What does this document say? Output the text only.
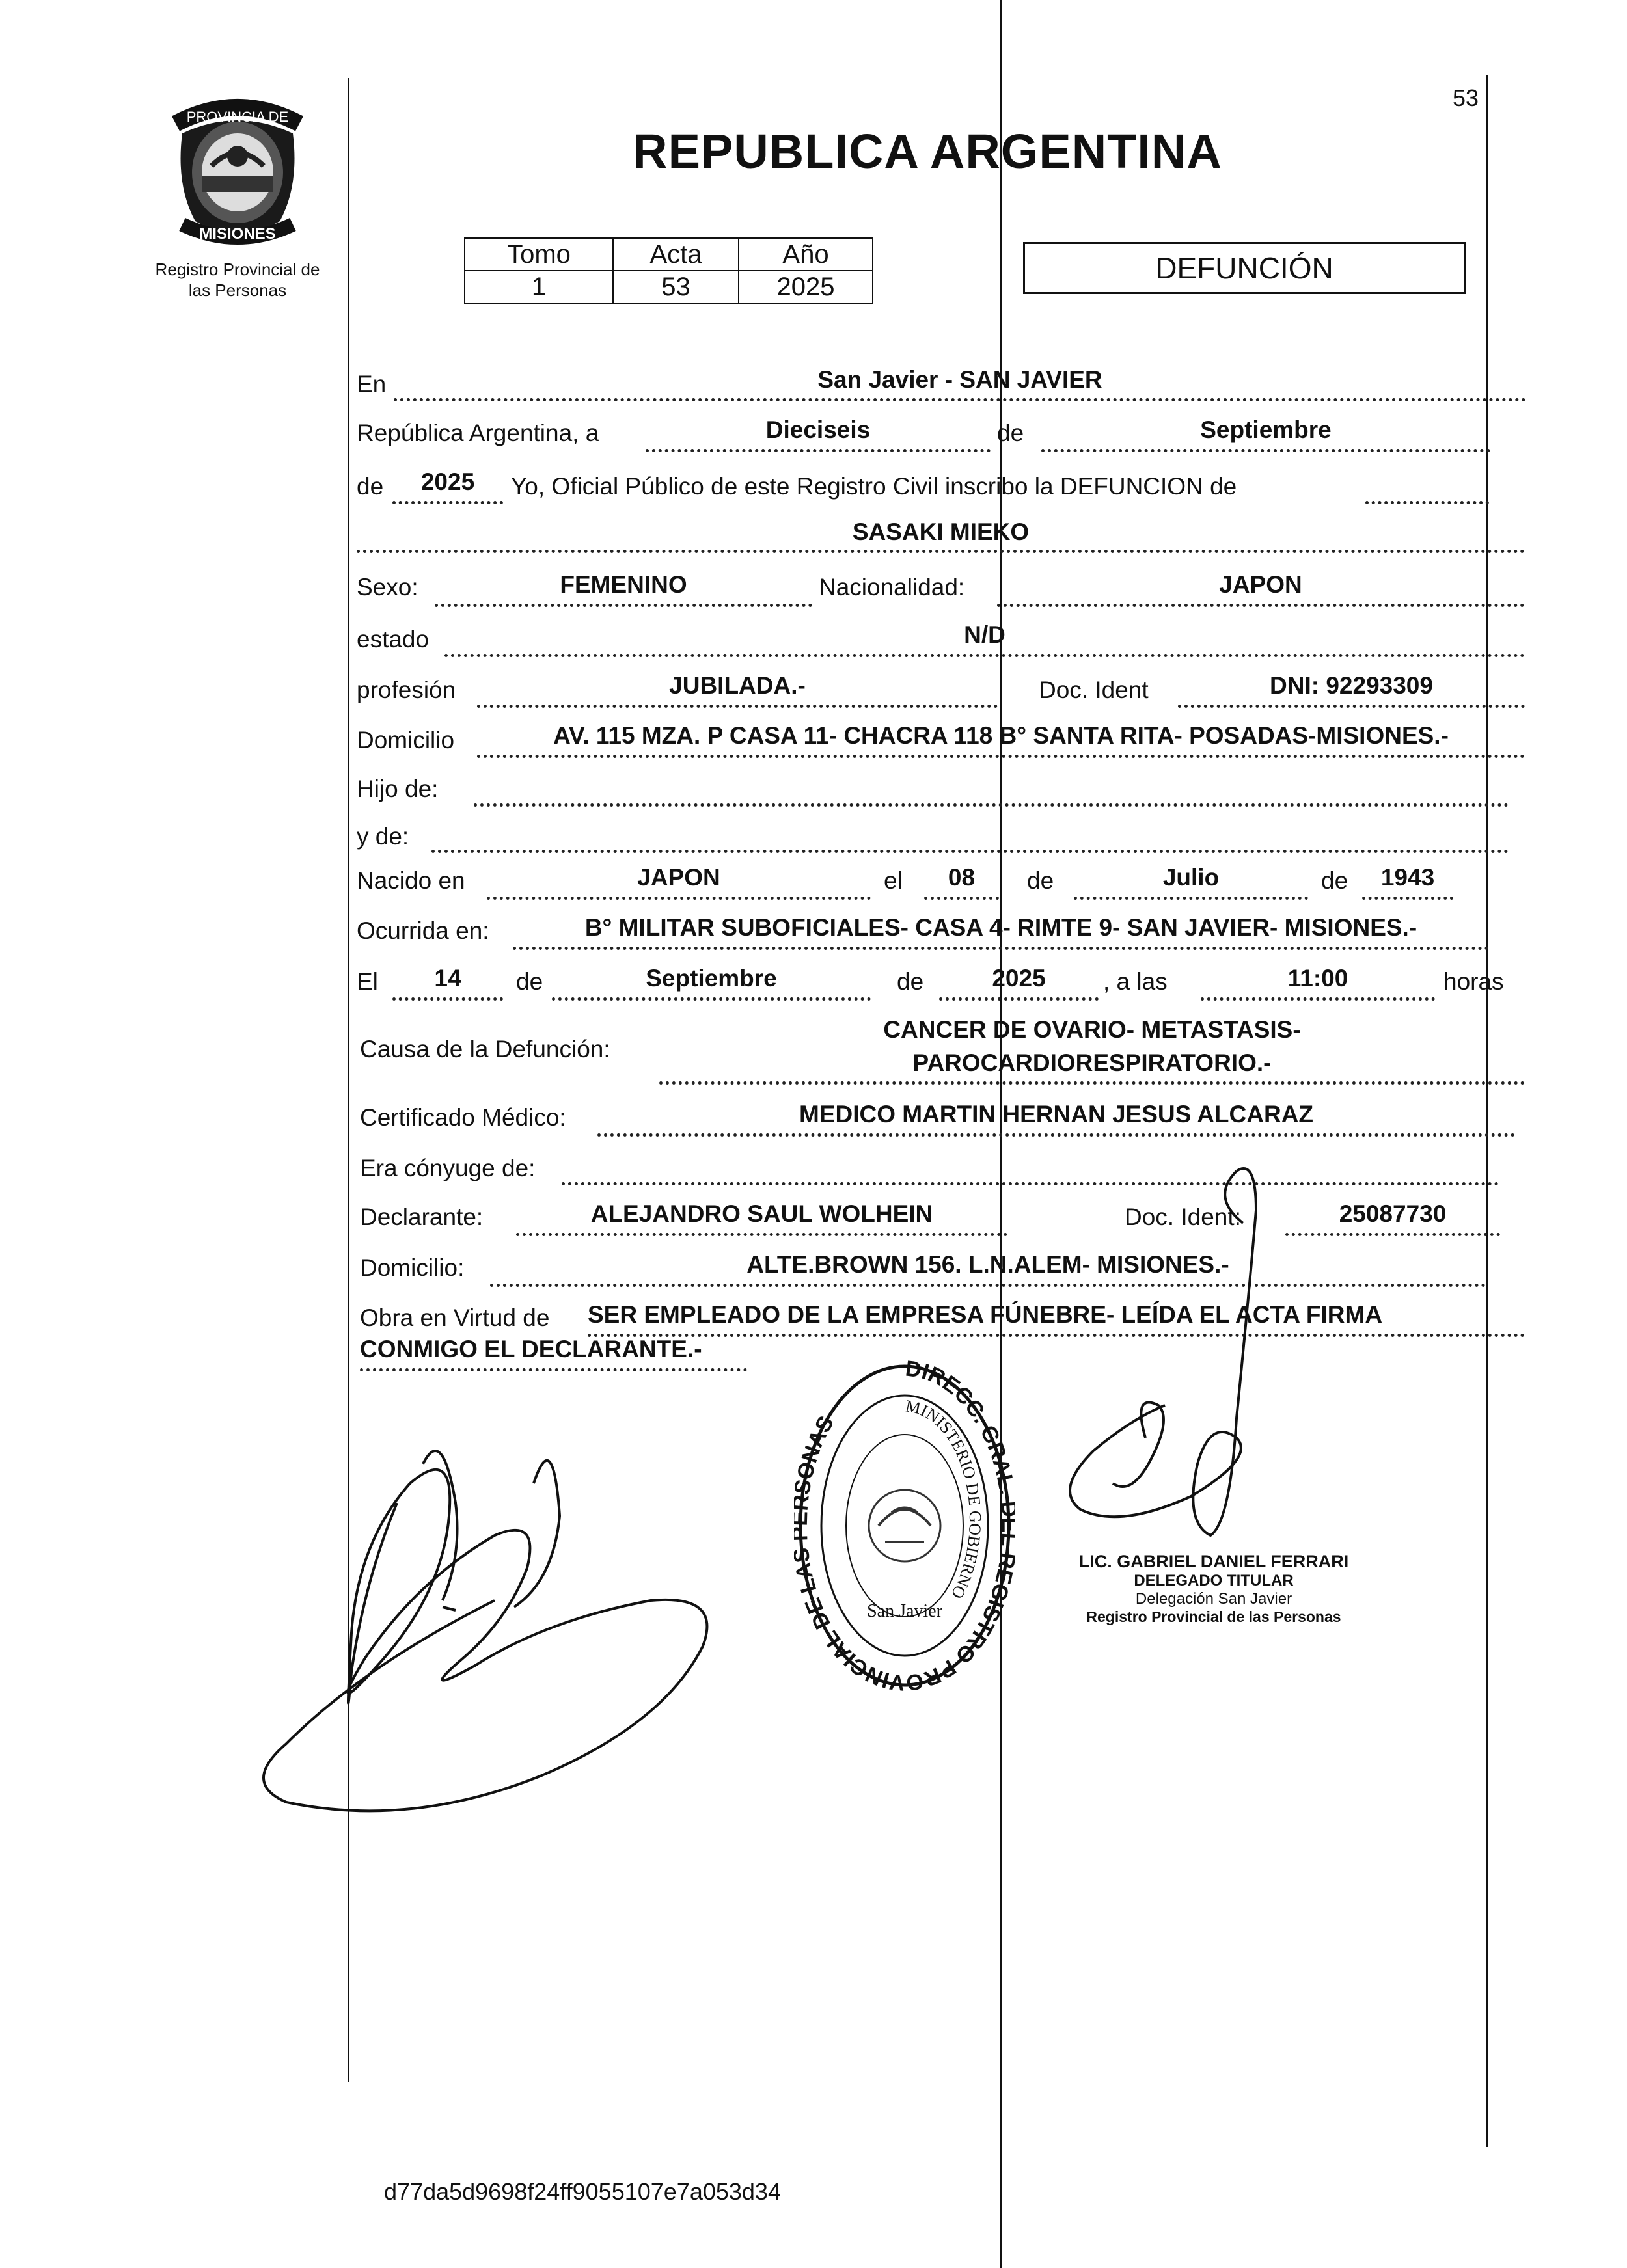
53
PROVINCIA DE
MISIONES
Registro Provincial de
las Personas
REPUBLICA ARGENTINA
Tomo	Acta	Año
1	53	2025
DEFUNCIÓN
En	San Javier - SAN JAVIER
República Argentina, a	Dieciseis	de	Septiembre
de	2025	Yo, Oficial Público de este Registro Civil inscribo la DEFUNCION de
SASAKI MIEKO
Sexo:	FEMENINO	Nacionalidad:	JAPON
estado	N/D
profesión	JUBILADA.-	Doc. Ident	DNI: 92293309
Domicilio	AV. 115 MZA. P CASA 11- CHACRA 118 B° SANTA RITA- POSADAS-MISIONES.-
Hijo de:
y de:
Nacido en	JAPON	el	08	de	Julio	de	1943
Ocurrida en:	B° MILITAR SUBOFICIALES- CASA 4- RIMTE 9- SAN JAVIER- MISIONES.-
El	14	de	Septiembre	de	2025	, a las	11:00	horas
Causa de la Defunción:
CANCER DE OVARIO- METASTASIS-
PAROCARDIORESPIRATORIO.-
Certificado Médico:	MEDICO MARTIN HERNAN JESUS ALCARAZ
Era cónyuge de:
Declarante:	ALEJANDRO SAUL WOLHEIN	Doc. Ident:	25087730
Domicilio:	ALTE.BROWN 156. L.N.ALEM- MISIONES.-
Obra en Virtud de SER EMPLEADO DE LA EMPRESA FÚNEBRE- LEÍDA EL ACTA FIRMA
CONMIGO EL DECLARANTE.-
DIRECC. GRA EGISTRO PROVINCIAL DE L ONAS
MINISTERIO DE GOBIERNO
San Javier
LIC. GABRIEL DANIEL FERRARI
DELEGADO TITULAR
Delegación San Javier
Registro Provincial de las Personas
d77da5d9698f24ff9055107e7a053d34
